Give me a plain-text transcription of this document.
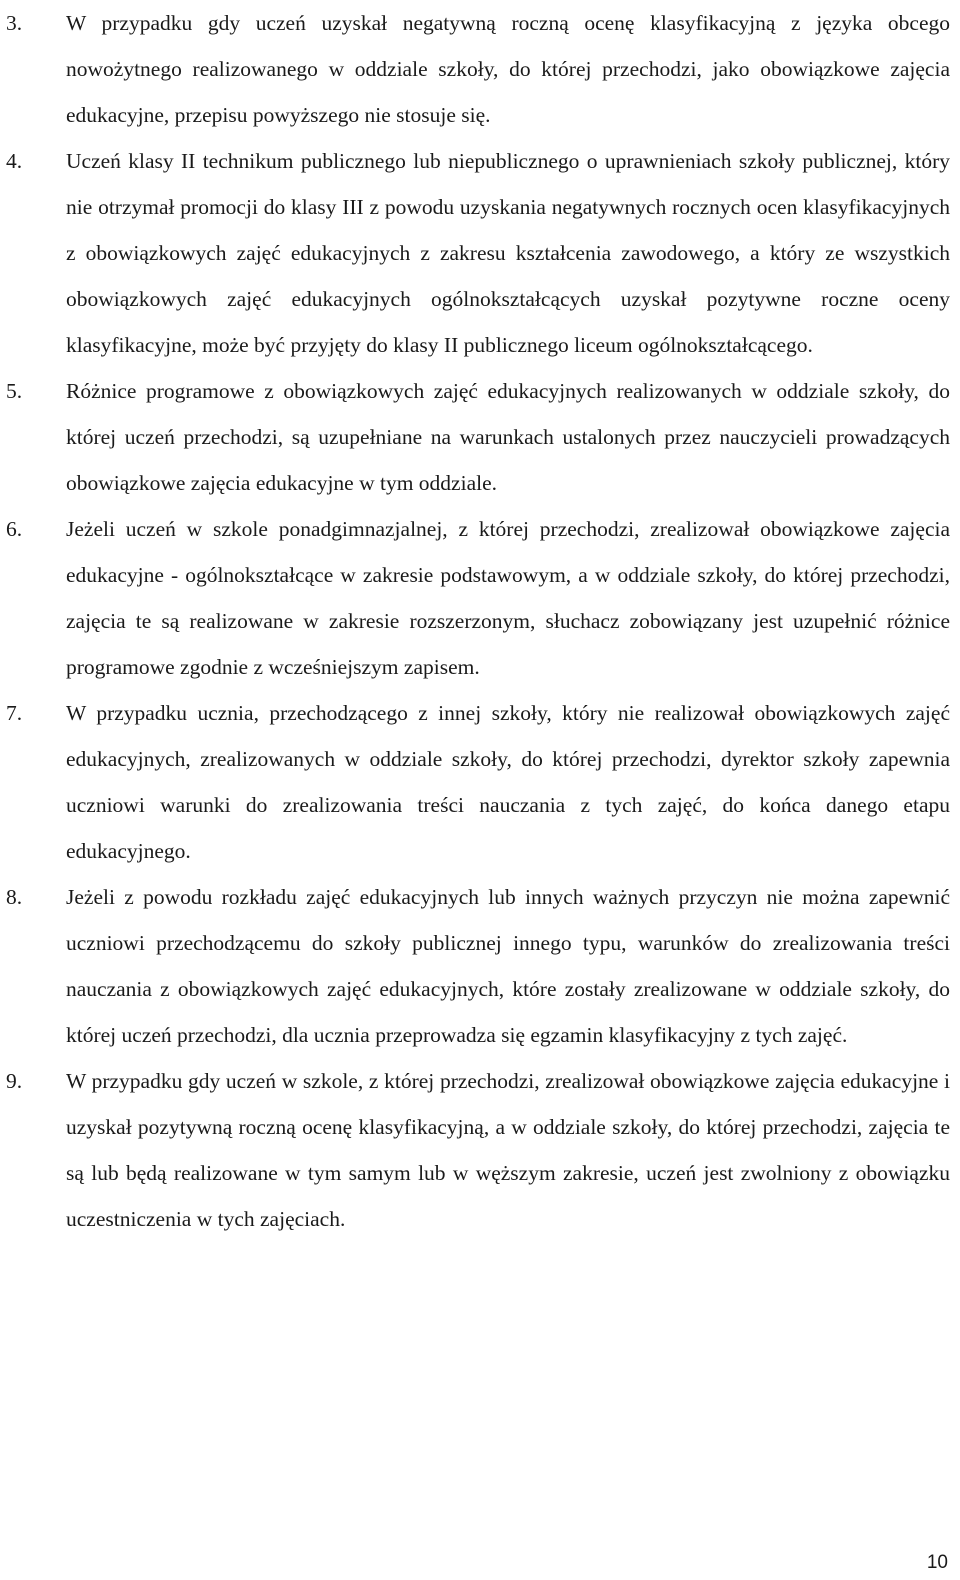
3.	W przypadku gdy uczeń uzyskał negatywną roczną ocenę klasyfikacyjną z języka obcego nowożytnego realizowanego w oddziale szkoły, do której przechodzi, jako obowiązkowe zajęcia edukacyjne, przepisu powyższego nie stosuje się.
4.	Uczeń klasy II technikum publicznego lub niepublicznego o uprawnieniach szkoły publicznej, który nie otrzymał promocji do klasy III z powodu uzyskania negatywnych rocznych ocen klasyfikacyjnych z obowiązkowych zajęć edukacyjnych z zakresu kształcenia zawodowego, a który ze wszystkich obowiązkowych zajęć edukacyjnych ogólnokształcących uzyskał pozytywne roczne oceny klasyfikacyjne, może być przyjęty do klasy II publicznego liceum ogólnokształcącego.
5.	Różnice programowe z obowiązkowych zajęć edukacyjnych realizowanych w oddziale szkoły, do której uczeń przechodzi, są uzupełniane na warunkach ustalonych przez nauczycieli prowadzących obowiązkowe zajęcia edukacyjne w tym oddziale.
6.	Jeżeli uczeń w szkole ponadgimnazjalnej, z której przechodzi, zrealizował obowiązkowe zajęcia edukacyjne - ogólnokształcące w zakresie podstawowym, a w oddziale szkoły, do której przechodzi, zajęcia te są realizowane w zakresie rozszerzonym, słuchacz zobowiązany jest uzupełnić różnice programowe zgodnie z wcześniejszym zapisem.
7.	W przypadku ucznia, przechodzącego z innej szkoły, który nie realizował obowiązkowych zajęć edukacyjnych, zrealizowanych w oddziale szkoły, do której przechodzi, dyrektor szkoły zapewnia uczniowi warunki do zrealizowania treści nauczania z tych zajęć, do końca danego etapu edukacyjnego.
8.	Jeżeli z powodu rozkładu zajęć edukacyjnych lub innych ważnych przyczyn nie można zapewnić uczniowi przechodzącemu do szkoły publicznej innego typu, warunków do zrealizowania treści nauczania z obowiązkowych zajęć edukacyjnych, które zostały zrealizowane w oddziale szkoły, do której uczeń przechodzi, dla ucznia przeprowadza się egzamin klasyfikacyjny z tych zajęć.
9.	W przypadku gdy uczeń w szkole, z której przechodzi, zrealizował obowiązkowe zajęcia edukacyjne i uzyskał pozytywną roczną ocenę klasyfikacyjną, a w oddziale szkoły, do której przechodzi, zajęcia te są lub będą realizowane w tym samym lub w węższym zakresie, uczeń jest zwolniony z obowiązku uczestniczenia w tych zajęciach.
10
